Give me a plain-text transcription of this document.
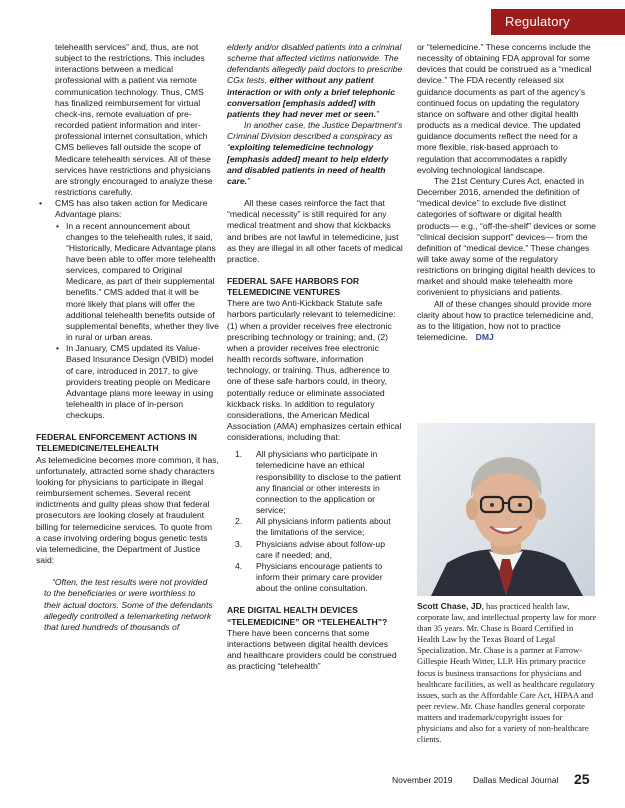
Regulatory

telehealth services” and, thus, are not subject to the restrictions. This includes interactions between a medical professional with a patient via remote communication technology. Thus, CMS has finalized reimbursement for virtual check-ins, remote evaluation of pre-recorded patient information and inter-professional internet consultation, which CMS believes fall outside the scope of Medicare telehealth services. All of these services have restrictions and physicians are strongly encouraged to analyze these restrictions carefully.

• CMS has also taken action for Medicare Advantage plans:
• In a recent announcement about changes to the telehealth rules, it said, “Historically, Medicare Advantage plans have been able to offer more telehealth services, compared to Original Medicare, as part of their supplemental benefits.” CMS added that it will be more likely that plans will offer the additional telehealth benefits outside of supplemental benefits, whether they live in rural or urban areas.
• In January, CMS updated its Value-Based Insurance Design (VBID) model of care, introduced in 2017, to give providers treating people on Medicare Advantage plans more leeway in using telehealth in place of in-person checkups.
FEDERAL ENFORCEMENT ACTIONS IN TELEMEDICINE/TELEHEALTH

As telemedicine becomes more common, it has, unfortunately, attracted some shady characters looking for physicians to participate in illegal reimbursement schemes. Several recent indictments and guilty pleas show that federal prosecutors are looking closely at fraudulent billing for telemedicine services. To quote from a case involving ordering bogus genetic tests via telemedicine, the Department of Justice said:

“Often, the test results were not provided to the beneficiaries or were worthless to their actual doctors. Some of the defendants allegedly controlled a telemarketing network that lured hundreds of thousands of

elderly and/or disabled patients into a criminal scheme that affected victims nationwide. The defendants allegedly paid doctors to prescribe CGx tests, either without any patient interaction or with only a brief telephonic conversation [emphasis added] with patients they had never met or seen.”

In another case, the Justice Department’s Criminal Division described a conspiracy as “exploiting telemedicine technology [emphasis added] meant to help elderly and disabled patients in need of health care.”

All these cases reinforce the fact that “medical necessity” is still required for any medical treatment and show that kickbacks and bribes are not lawful in telemedicine, just as they are illegal in all other facets of medical practice.

FEDERAL SAFE HARBORS FOR TELEMEDICINE VENTURES

There are two Anti-Kickback Statute safe harbors particularly relevant to telemedicine: (1) when a provider receives free electronic prescribing technology or training; and, (2) when a provider receives free electronic health records software, information technology, or training. Thus, adherence to one of these safe harbors could, in theory, potentially reduce or eliminate associated kickback risks. In addition to regulatory considerations, the American Medical Association (AMA) emphasizes certain ethical considerations, including that:

1. All physicians who participate in telemedicine have an ethical responsibility to disclose to the patient any financial or other interests in connection to the application or service;
2. All physicians inform patients about the limitations of the service;
3. Physicians advise about follow-up care if needed; and,
4. Physicians encourage patients to inform their primary care provider about the online consultation.
ARE DIGITAL HEALTH DEVICES “TELEMEDICINE” OR “TELEHEALTH”?

There have been concerns that some interactions between digital health devices and healthcare providers could be construed as practicing “telehealth”

or “telemedicine.” These concerns include the necessity of obtaining FDA approval for some devices that could be construed as a “medical device.” The FDA recently released six guidance documents as part of the agency’s continued focus on updating the regulatory stance on software and other digital health products as a medical device. The updated guidance documents reflect the need for a more flexible, risk-based approach to regulation that accommodates a rapidly evolving technological landscape.

The 21st Century Cures Act, enacted in December 2016, amended the definition of “medical device” to exclude five distinct categories of software or digital health products— e.g., “off-the-shelf” devices or some “clinical decision support” devices— from the definition of “medical device.” These changes will take away some of the regulatory restrictions on bringing digital health devices to market and should make telehealth more convenient to physicians and patients.

All of these changes should provide more clarity about how to practice telemedicine and, as to the litigation, how not to practice telemedicine. DMJ

Scott Chase, JD, has practiced health law, corporate law, and intellectual property law for more than 35 years. Mr. Chase is Board Certified in Health Law by the Texas Board of Legal Specialization. Mr. Chase is a partner at Farrow-Gillespie Heath Witter, LLP. His primary practice focus is business transactions for physicians and healthcare facilities, as well as healthcare regulatory issues, such as the Affordable Care Act, HIPAA and peer review. Mr. Chase handles general corporate matters and trademark/copyright issues for physicians and also for a variety of non-healthcare clients.
November 2019 Dallas Medical Journal 25
